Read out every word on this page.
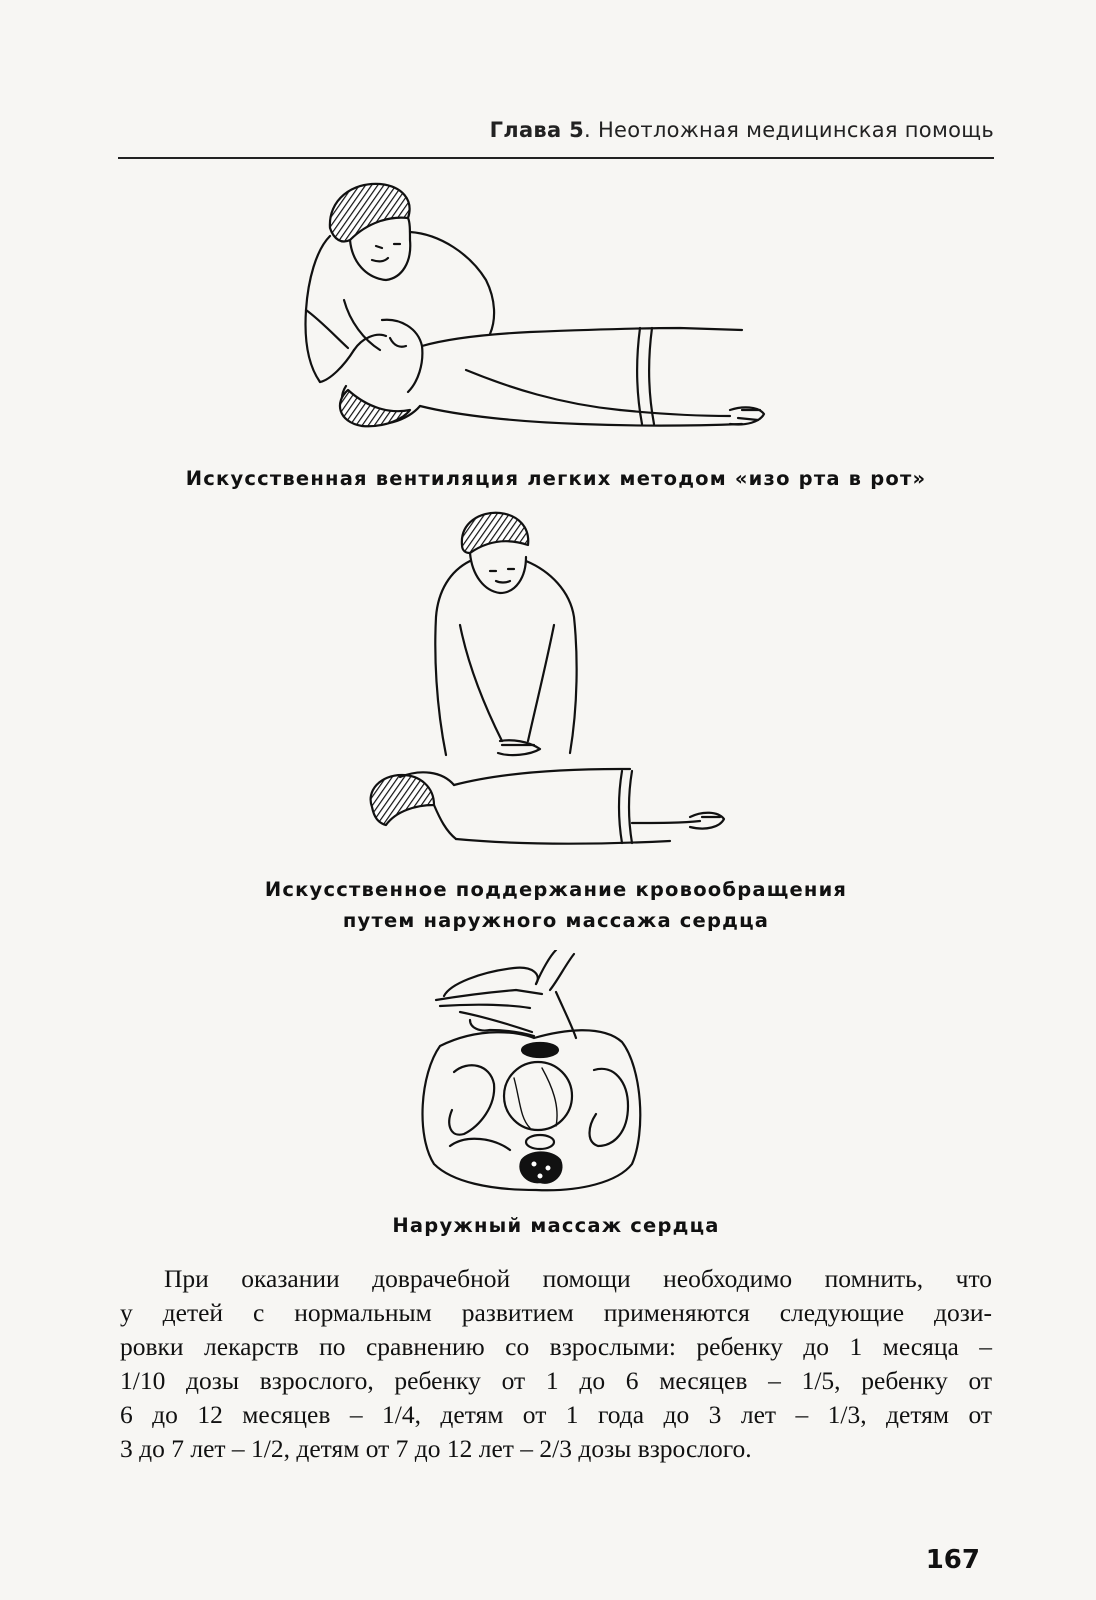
Глава 5. Неотложная медицинская помощь
Искусственная вентиляция легких методом «изо рта в рот»
Искусственное поддержание кровообращения
путем наружного массажа сердца
Наружный массаж сердца
При оказании доврачебной помощи необходимо помнить, что
у детей с нормальным развитием применяются следующие дози-
ровки лекарств по сравнению со взрослыми: ребенку до 1 месяца –
1/10 дозы взрослого, ребенку от 1 до 6 месяцев – 1/5, ребенку от
6 до 12 месяцев – 1/4, детям от 1 года до 3 лет – 1/3, детям от
3 до 7 лет – 1/2, детям от 7 до 12 лет – 2/3 дозы взрослого.
167
